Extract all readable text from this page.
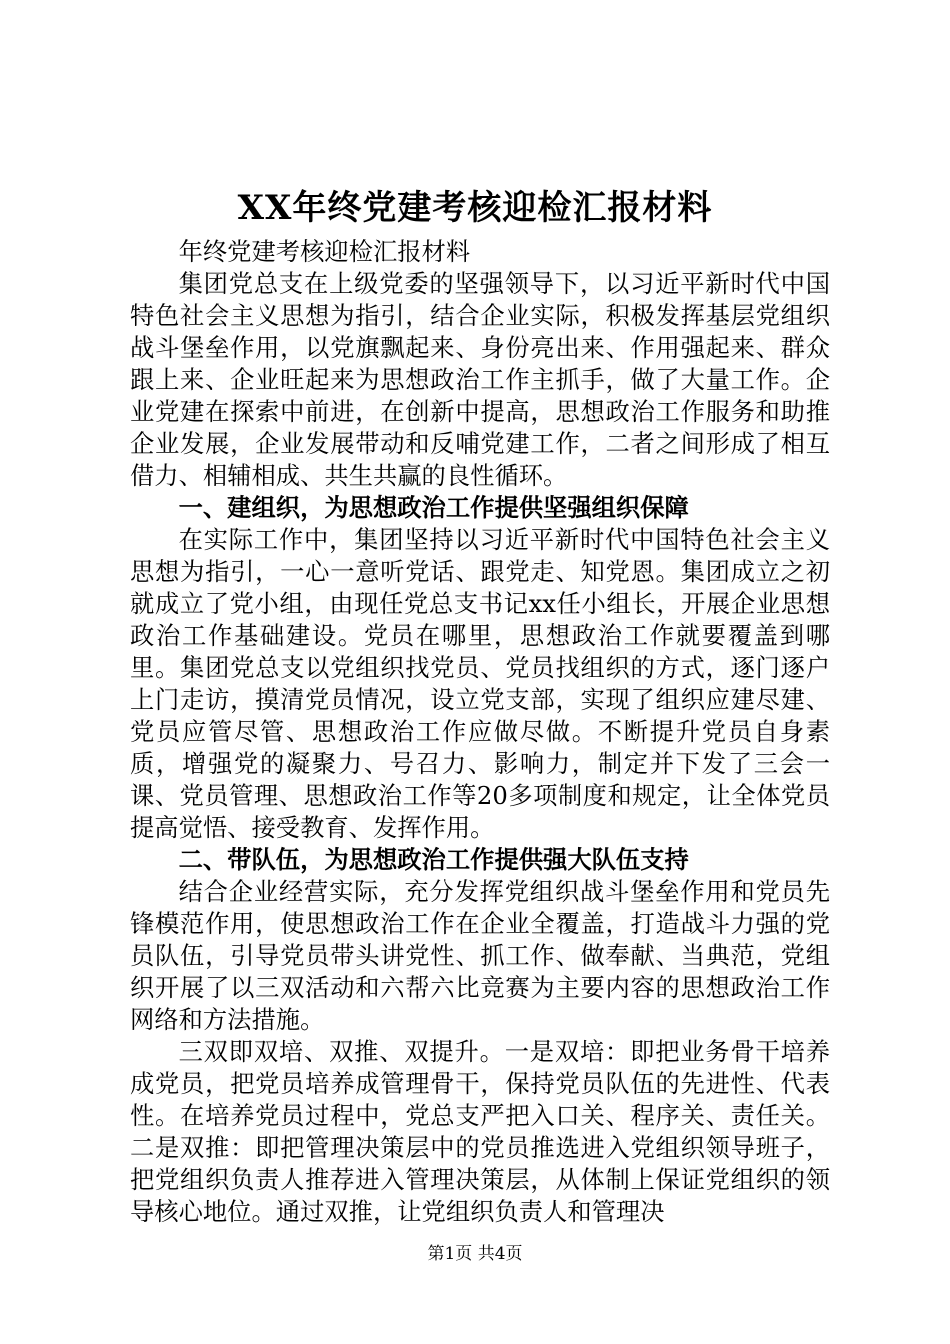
XX年终党建考核迎检汇报材料

年终党建考核迎检汇报材料

集团党总支在上级党委的坚强领导下，以习近平新时代中国特色社会主义思想为指引，结合企业实际，积极发挥基层党组织战斗堡垒作用，以党旗飘起来、身份亮出来、作用强起来、群众跟上来、企业旺起来为思想政治工作主抓手，做了大量工作。企业党建在探索中前进，在创新中提高，思想政治工作服务和助推企业发展，企业发展带动和反哺党建工作，二者之间形成了相互借力、相辅相成、共生共赢的良性循环。

一、建组织，为思想政治工作提供坚强组织保障

在实际工作中，集团坚持以习近平新时代中国特色社会主义思想为指引，一心一意听党话、跟党走、知党恩。集团成立之初就成立了党小组，由现任党总支书记xx任小组长，开展企业思想政治工作基础建设。党员在哪里，思想政治工作就要覆盖到哪里。集团党总支以党组织找党员、党员找组织的方式，逐门逐户上门走访，摸清党员情况，设立党支部，实现了组织应建尽建、党员应管尽管、思想政治工作应做尽做。不断提升党员自身素质，增强党的凝聚力、号召力、影响力，制定并下发了三会一课、党员管理、思想政治工作等20多项制度和规定，让全体党员提高觉悟、接受教育、发挥作用。

二、带队伍，为思想政治工作提供强大队伍支持

结合企业经营实际，充分发挥党组织战斗堡垒作用和党员先锋模范作用，使思想政治工作在企业全覆盖，打造战斗力强的党员队伍，引导党员带头讲党性、抓工作、做奉献、当典范，党组织开展了以三双活动和六帮六比竞赛为主要内容的思想政治工作网络和方法措施。

三双即双培、双推、双提升。一是双培：即把业务骨干培养成党员，把党员培养成管理骨干，保持党员队伍的先进性、代表性。在培养党员过程中，党总支严把入口关、程序关、责任关。二是双推：即把管理决策层中的党员推选进入党组织领导班子，把党组织负责人推荐进入管理决策层，从体制上保证党组织的领导核心地位。通过双推，让党组织负责人和管理决

第1页 共4页
